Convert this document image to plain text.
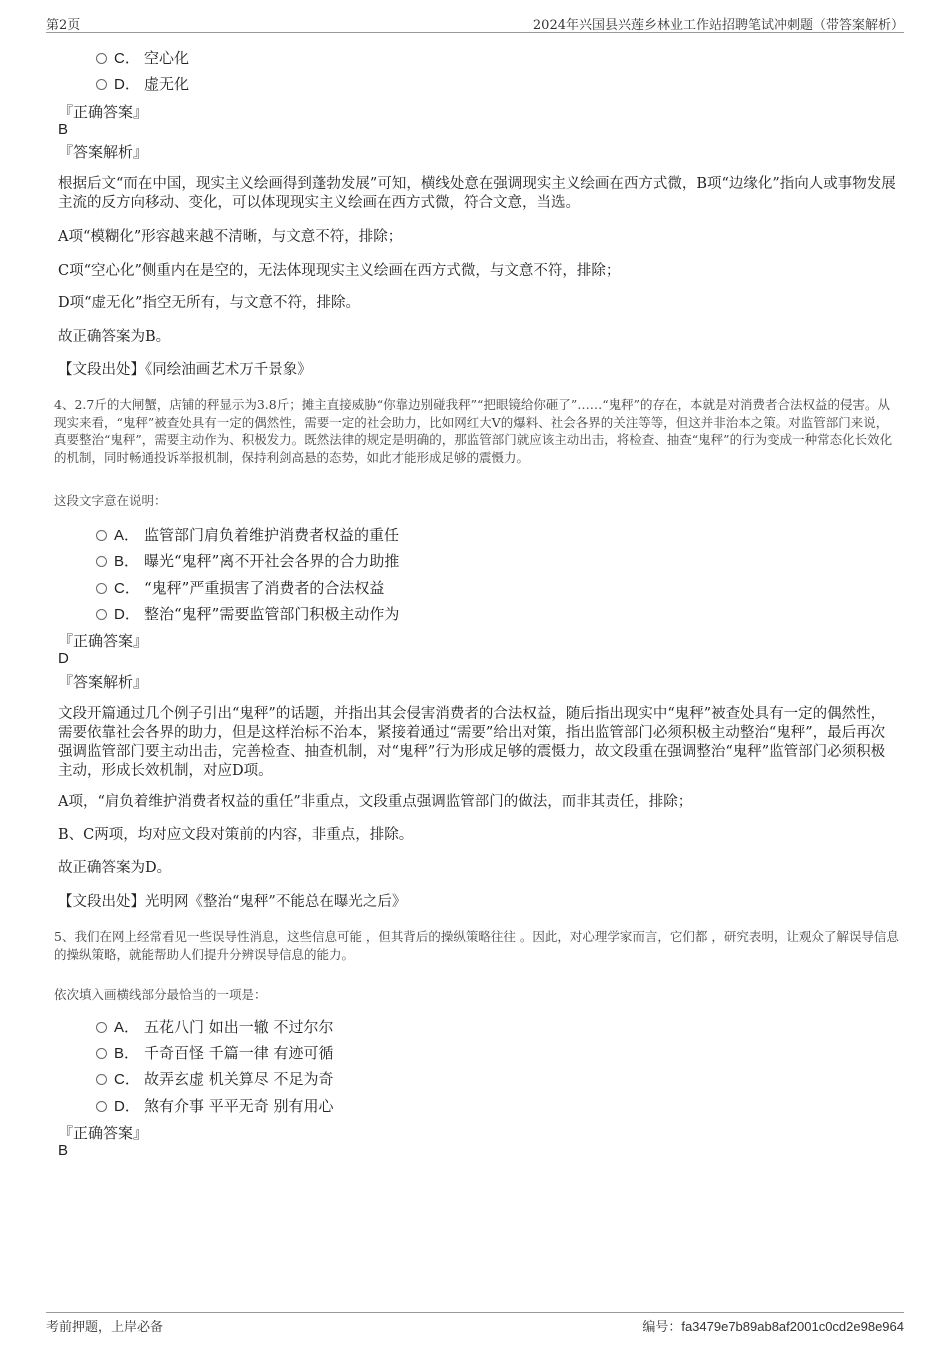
第2页	2024年兴国县兴莲乡林业工作站招聘笔试冲刺题（带答案解析）
C． 空心化
D． 虚无化
『正确答案』
B
『答案解析』
根据后文“而在中国，现实主义绘画得到蓬勃发展”可知，横线处意在强调现实主义绘画在西方式微，B项“边缘化”指向人或事物发展主流的反方向移动、变化，可以体现现实主义绘画在西方式微，符合文意，当选。
A项“模糊化”形容越来越不清晰，与文意不符，排除；
C项“空心化”侧重内在是空的，无法体现现实主义绘画在西方式微，与文意不符，排除；
D项“虚无化”指空无所有，与文意不符，排除。
故正确答案为B。
【文段出处】《同绘油画艺术万千景象》
4、2.7斤的大闸蟹，店铺的秤显示为3.8斤；摊主直接威胁“你靠边别碰我秤”“把眼镜给你砸了”……“鬼秤”的存在，本就是对消费者合法权益的侵害。从现实来看，“鬼秤”被查处具有一定的偶然性，需要一定的社会助力，比如网红大V的爆料、社会各界的关注等等，但这并非治本之策。对监管部门来说，真要整治“鬼秤”，需要主动作为、积极发力。既然法律的规定是明确的，那监管部门就应该主动出击，将检查、抽查“鬼秤”的行为变成一种常态化长效化的机制，同时畅通投诉举报机制，保持利剑高悬的态势，如此才能形成足够的震慑力。
这段文字意在说明：
A． 监管部门肩负着维护消费者权益的重任
B． 曝光“鬼秤”离不开社会各界的合力助推
C． “鬼秤”严重损害了消费者的合法权益
D． 整治“鬼秤”需要监管部门积极主动作为
『正确答案』
D
『答案解析』
文段开篇通过几个例子引出“鬼秤”的话题，并指出其会侵害消费者的合法权益，随后指出现实中“鬼秤”被查处具有一定的偶然性，需要依靠社会各界的助力，但是这样治标不治本，紧接着通过“需要”给出对策，指出监管部门必须积极主动整治“鬼秤”，最后再次强调监管部门要主动出击，完善检查、抽查机制，对“鬼秤”行为形成足够的震慑力，故文段重在强调整治“鬼秤”监管部门必须积极主动，形成长效机制，对应D项。
A项，“肩负着维护消费者权益的重任”非重点，文段重点强调监管部门的做法，而非其责任，排除；
B、C两项，均对应文段对策前的内容，非重点，排除。
故正确答案为D。
【文段出处】光明网《整治“鬼秤”不能总在曝光之后》
5、我们在网上经常看见一些误导性消息，这些信息可能 ，但其背后的操纵策略往往 。因此，对心理学家而言，它们都 ，研究表明，让观众了解误导信息的操纵策略，就能帮助人们提升分辨误导信息的能力。
依次填入画横线部分最恰当的一项是：
A． 五花八门 如出一辙 不过尔尔
B． 千奇百怪 千篇一律 有迹可循
C． 故弄玄虚 机关算尽 不足为奇
D． 煞有介事 平平无奇 别有用心
『正确答案』
B
考前押题，上岸必备	编号：fa3479e7b89ab8af2001c0cd2e98e964
